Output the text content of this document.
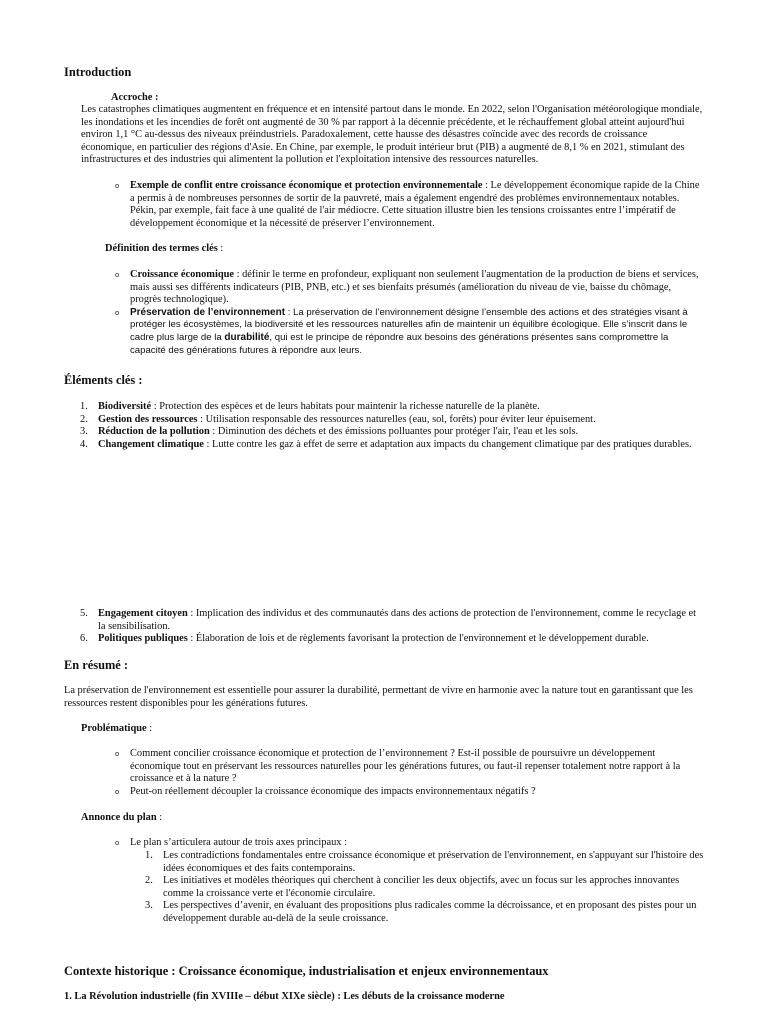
Introduction
Accroche :

Les catastrophes climatiques augmentent en fréquence et en intensité partout dans le monde. En 2022, selon l'Organisation météorologique mondiale, les inondations et les incendies de forêt ont augmenté de 30 % par rapport à la décennie précédente, et le réchauffement global atteint aujourd'hui environ 1,1 °C au-dessus des niveaux préindustriels. Paradoxalement, cette hausse des désastres coïncide avec des records de croissance économique, en particulier des régions d'Asie. En Chine, par exemple, le produit intérieur brut (PIB) a augmenté de 8,1 % en 2021, stimulant des infrastructures et des industries qui alimentent la pollution et l'exploitation intensive des ressources naturelles.

o Exemple de conflit entre croissance économique et protection environnementale : Le développement économique rapide de la Chine a permis à de nombreuses personnes de sortir de la pauvreté, mais a également engendré des problèmes environnementaux notables. Pékin, par exemple, fait face à une qualité de l'air médiocre. Cette situation illustre bien les tensions croissantes entre l’impératif de développement économique et la nécessité de préserver l’environnement.
Définition des termes clés :
o Croissance économique : définir le terme en profondeur, expliquant non seulement l'augmentation de la production de biens et services, mais aussi ses différents indicateurs (PIB, PNB, etc.) et ses bienfaits présumés (amélioration du niveau de vie, baisse du chômage, progrès technologique).
o Préservation de l’environnement : La préservation de l’environnement désigne l’ensemble des actions et des stratégies visant à protéger les écosystèmes, la biodiversité et les ressources naturelles afin de maintenir un équilibre écologique. Elle s’inscrit dans le cadre plus large de la durabilité, qui est le principe de répondre aux besoins des générations présentes sans compromettre la capacité des générations futures à répondre aux leurs.
Éléments clés :
1. Biodiversité : Protection des espèces et de leurs habitats pour maintenir la richesse naturelle de la planète.
2. Gestion des ressources : Utilisation responsable des ressources naturelles (eau, sol, forêts) pour éviter leur épuisement.
3. Réduction de la pollution : Diminution des déchets et des émissions polluantes pour protéger l'air, l'eau et les sols.
4. Changement climatique : Lutte contre les gaz à effet de serre et adaptation aux impacts du changement climatique par des pratiques durables.
5. Engagement citoyen : Implication des individus et des communautés dans des actions de protection de l'environnement, comme le recyclage et la sensibilisation.
6. Politiques publiques : Élaboration de lois et de règlements favorisant la protection de l'environnement et le développement durable.
En résumé :

La préservation de l'environnement est essentielle pour assurer la durabilité, permettant de vivre en harmonie avec la nature tout en garantissant que les ressources restent disponibles pour les générations futures.

Problématique :
o Comment concilier croissance économique et protection de l’environnement ? Est-il possible de poursuivre un développement économique tout en préservant les ressources naturelles pour les générations futures, ou faut-il repenser totalement notre rapport à la croissance et à la nature ?
o Peut-on réellement découpler la croissance économique des impacts environnementaux négatifs ?
Annonce du plan :
o Le plan s’articulera autour de trois axes principaux :
1. Les contradictions fondamentales entre croissance économique et préservation de l'environnement, en s'appuyant sur l'histoire des idées économiques et des faits contemporains.
2. Les initiatives et modèles théoriques qui cherchent à concilier les deux objectifs, avec un focus sur les approches innovantes comme la croissance verte et l'économie circulaire.
3. Les perspectives d’avenir, en évaluant des propositions plus radicales comme la décroissance, et en proposant des pistes pour un développement durable au-delà de la seule croissance.
Contexte historique : Croissance économique, industrialisation et enjeux environnementaux
1. La Révolution industrielle (fin XVIIIe – début XIXe siècle) : Les débuts de la croissance moderne
